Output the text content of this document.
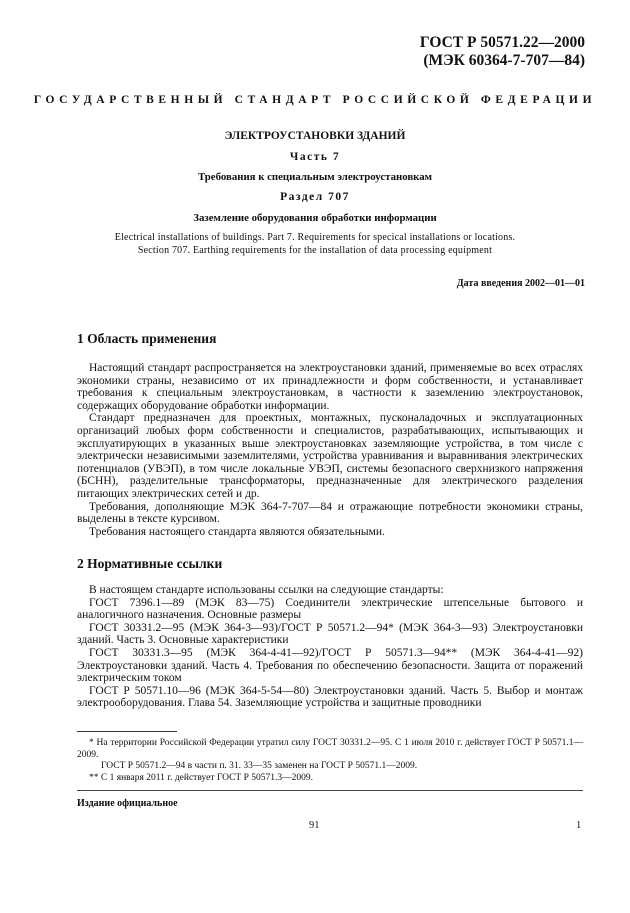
ГОСТ Р 50571.22—2000
(МЭК 60364-7-707—84)
ГОСУДАРСТВЕННЫЙ СТАНДАРТ РОССИЙСКОЙ ФЕДЕРАЦИИ
ЭЛЕКТРОУСТАНОВКИ ЗДАНИЙ
Часть 7
Требования к специальным электроустановкам
Раздел 707
Заземление оборудования обработки информации
Electrical installations of buildings. Part 7. Requirements for specical installations or locations.
Section 707. Earthing requirements for the installation of data processing equipment
Дата введения 2002—01—01
1 Область применения

Настоящий стандарт распространяется на электроустановки зданий, применяемые во всех отраслях экономики страны, независимо от их принадлежности и форм собственности, и устанавливает требования к специальным электроустановкам, в частности к заземлению электроустановок, содержащих оборудование обработки информации.

Стандарт предназначен для проектных, монтажных, пусконаладочных и эксплуатационных организаций любых форм собственности и специалистов, разрабатывающих, испытывающих и эксплуатирующих в указанных выше электроустановках заземляющие устройства, в том числе с электрически независимыми заземлителями, устройства уравнивания и выравнивания электрических потенциалов (УВЭП), в том числе локальные УВЭП, системы безопасного сверхнизкого напряжения (БСНН), разделительные трансформаторы, предназначенные для электрического разделения питающих электрических сетей и др.

Требования, дополняющие МЭК 364-7-707—84 и отражающие потребности экономики страны, выделены в тексте курсивом.

Требования настоящего стандарта являются обязательными.

2 Нормативные ссылки

В настоящем стандарте использованы ссылки на следующие стандарты:

ГОСТ 7396.1—89 (МЭК 83—75) Соединители электрические штепсельные бытового и аналогичного назначения. Основные размеры

ГОСТ 30331.2—95 (МЭК 364-3—93)/ГОСТ Р 50571.2—94* (МЭК 364-3—93) Электроустановки зданий. Часть 3. Основные характеристики

ГОСТ 30331.3—95 (МЭК 364-4-41—92)/ГОСТ Р 50571.3—94** (МЭК 364-4-41—92) Электроустановки зданий. Часть 4. Требования по обеспечению безопасности. Защита от поражений электрическим током

ГОСТ Р 50571.10—96 (МЭК 364-5-54—80) Электроустановки зданий. Часть 5. Выбор и монтаж электрооборудования. Глава 54. Заземляющие устройства и защитные проводники

* На территории Российской Федерации утратил силу ГОСТ 30331.2—95. С 1 июля 2010 г. действует ГОСТ Р 50571.1—2009.

ГОСТ Р 50571.2—94 в части п. 31. 33—35 заменен на ГОСТ Р 50571.1—2009.

** С 1 января 2011 г. действует ГОСТ Р 50571.3—2009.

Издание официальное
91	1
